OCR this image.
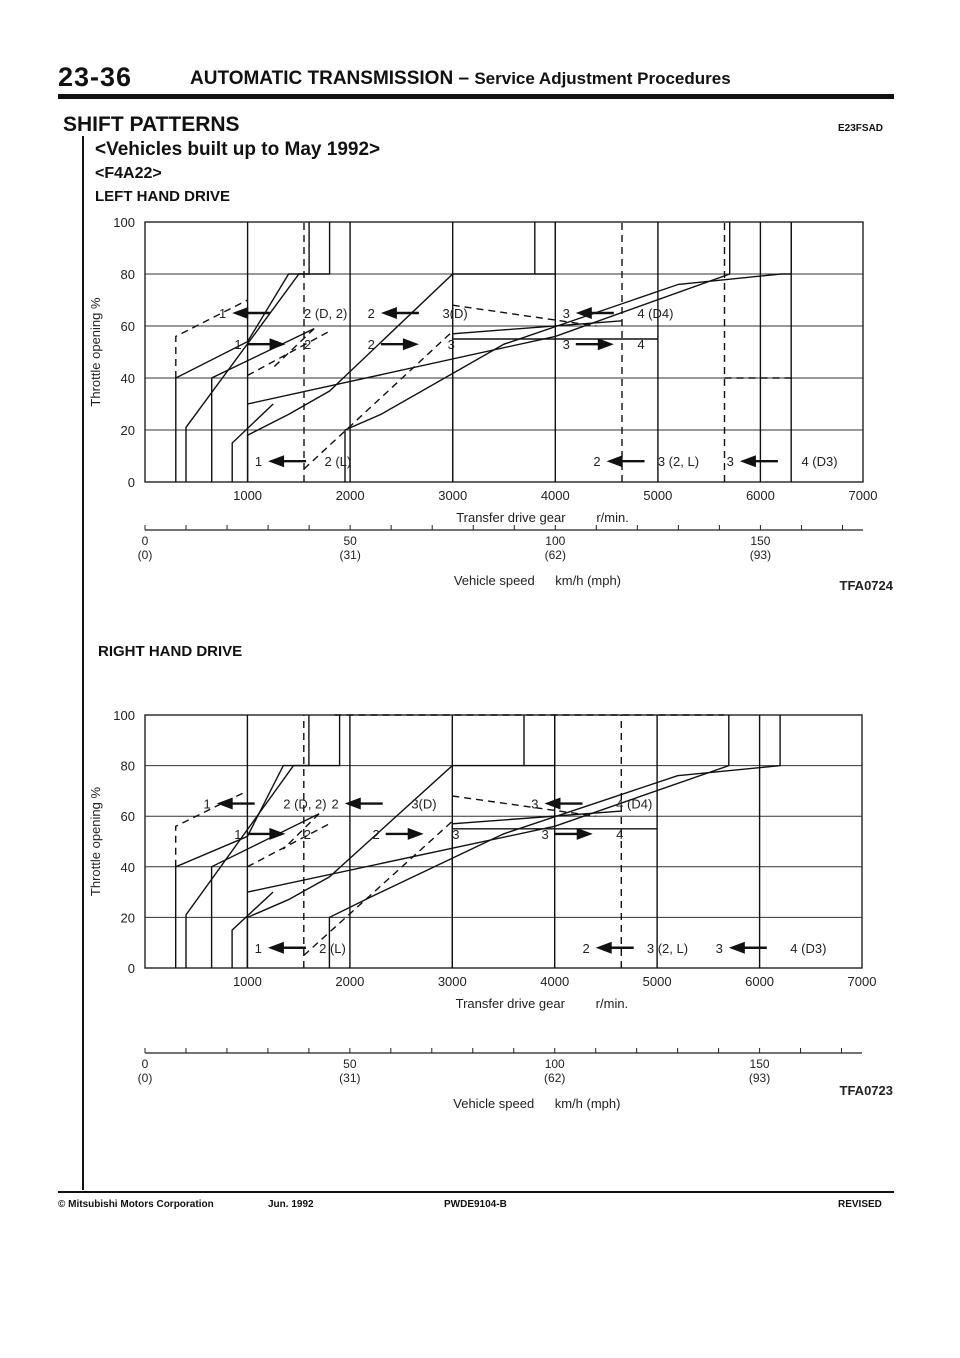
23-36	AUTOMATIC TRANSMISSION – Service Adjustment Procedures
SHIFT PATTERNS	E23FSAD
<Vehicles built up to May 1992>
<F4A22>
LEFT HAND DRIVE
0
20
40
60
80
100
1000	2000	3000	4000	5000	6000	7000
Throttle opening %
Transfer drive gear r/min.
1	2 (D, 2) 2	3(D)	3	4 (D4)
1	2	2	3	3	4
1	2 (L)	2	3 (2, L) 3	4 (D3)
0
(0)
50
(31)
100
(62)
150
(93)
Vehicle speed km/h (mph)	TFA0724
RIGHT HAND DRIVE
0
20
40
60
80
100
1000	2000	3000	4000	5000	6000	7000
Throttle opening %
Transfer drive gear r/min.
1	2 (D, 2) 2	3(D)	3	4 (D4)
1	2	2	3	3	4
1	2 (L)	2	3 (2, L) 3	4 (D3)
0
(0)
50
(31)
100
(62)
150
(93)
Vehicle speed km/h (mph)
TFA0723
© Mitsubishi Motors Corporation	Jun. 1992	PWDE9104-B	REVISED
